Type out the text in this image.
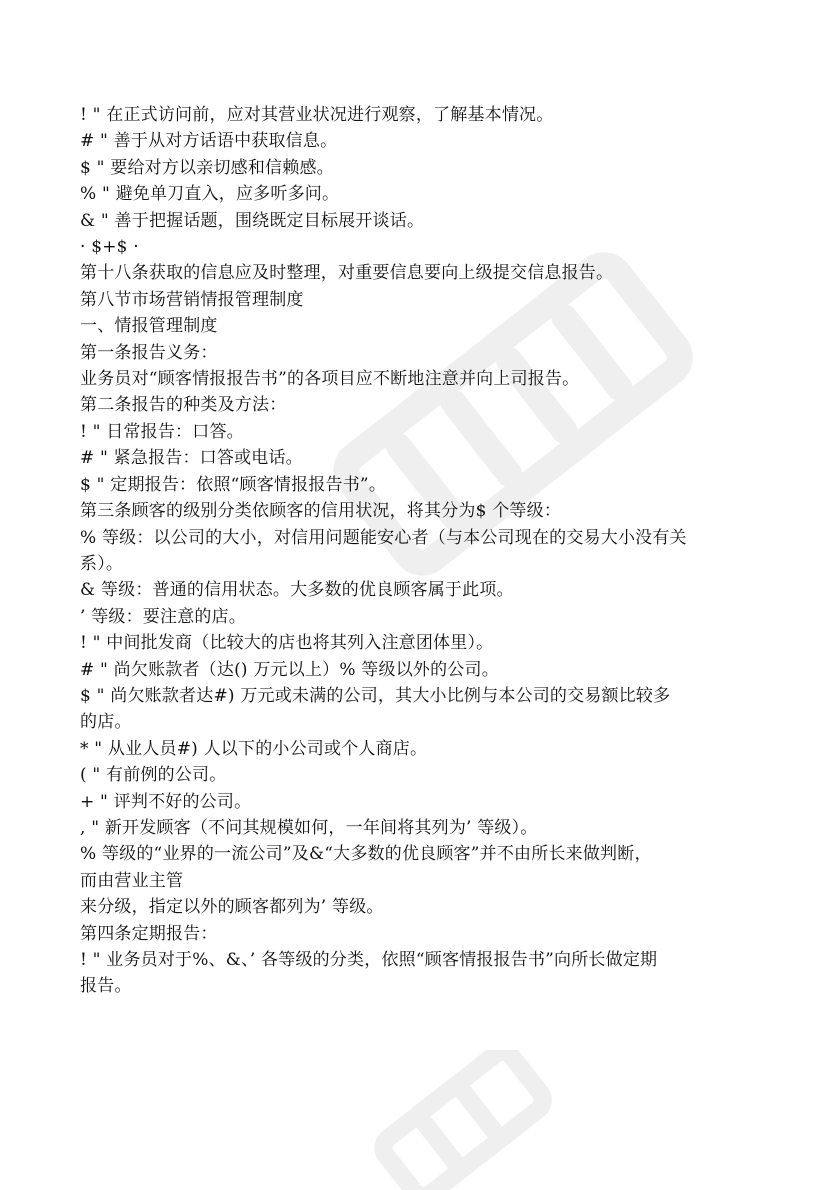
! " 在正式访问前，应对其营业状况进行观察，了解基本情况。
# " 善于从对方话语中获取信息。
$ " 要给对方以亲切感和信赖感。
% " 避免单刀直入，应多听多问。
& " 善于把握话题，围绕既定目标展开谈话。
· $+$ ·
第十八条获取的信息应及时整理，对重要信息要向上级提交信息报告。
第八节市场营销情报管理制度
一、情报管理制度
第一条报告义务：
业务员对“顾客情报报告书”的各项目应不断地注意并向上司报告。
第二条报告的种类及方法：
! " 日常报告：口答。
# " 紧急报告：口答或电话。
$ " 定期报告：依照“顾客情报报告书”。
第三条顾客的级别分类依顾客的信用状况，将其分为$ 个等级：
% 等级：以公司的大小，对信用问题能安心者（与本公司现在的交易大小没有关
系）。
& 等级：普通的信用状态。大多数的优良顾客属于此项。
’ 等级：要注意的店。
! " 中间批发商（比较大的店也将其列入注意团体里）。
# " 尚欠账款者（达() 万元以上）% 等级以外的公司。
$ " 尚欠账款者达#) 万元或未满的公司，其大小比例与本公司的交易额比较多
的店。
* " 从业人员#) 人以下的小公司或个人商店。
( " 有前例的公司。
+ " 评判不好的公司。
, " 新开发顾客（不问其规模如何，一年间将其列为’ 等级）。
% 等级的“业界的一流公司”及&“大多数的优良顾客”并不由所长来做判断，
而由营业主管
来分级，指定以外的顾客都列为’ 等级。
第四条定期报告：
! " 业务员对于%、&、’ 各等级的分类，依照“顾客情报报告书”向所长做定期
报告。
